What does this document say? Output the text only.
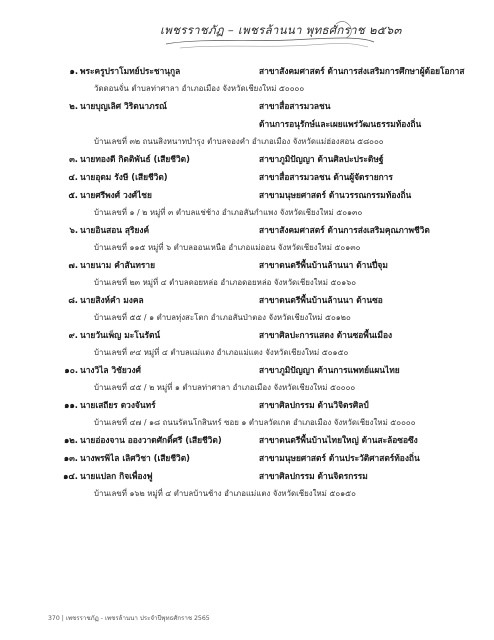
เพชรราชภัฏ – เพชรล้านนา พุทธศักราช ๒๕๖๓
๑. พระครูปราโมทย์ประชานุกูล	สาขาสังคมศาสตร์ ด้านการส่งเสริมการศึกษาผู้ด้อยโอกาส
วัดดอนจั่น ตำบลท่าศาลา อำเภอเมือง จังหวัดเชียงใหม่ ๕๐๐๐๐
๒. นายบุญเลิศ วิริตนาภรณ์	สาขาสื่อสารมวลชน
ด้านการอนุรักษ์และเผยแพร่วัฒนธรรมท้องถิ่น
บ้านเลขที่ ๓๒ ถนนสิงหนาทบำรุง ตำบลจองคำ อำเภอเมือง จังหวัดแม่ฮ่องสอน ๕๘๐๐๐
๓. นายทองดี กิตติพันธ์ (เสียชีวิต)	สาขาภูมิปัญญา ด้านศิลปะประดิษฐ์
๔. นายอุดม รังษี (เสียชีวิต)	สาขาสื่อสารมวลชน ด้านผู้จัดรายการ
๕. นายศรีพงศ์ วงศ์ไชย	สาขามนุษยศาสตร์ ด้านวรรณกรรมท้องถิ่น
บ้านเลขที่ ๑ / ๒ หมู่ที่ ๓ ตำบลแช่ช้าง อำเภอสันกำแพง จังหวัดเชียงใหม่ ๕๐๑๓๐
๖. นายอินสอน สุริยงค์	สาขาสังคมศาสตร์ ด้านการส่งเสริมคุณภาพชีวิต
บ้านเลขที่ ๑๑๕ หมู่ที่ ๖ ตำบลออนเหนือ อำเภอแม่ออน จังหวัดเชียงใหม่ ๕๐๑๓๐
๗. นายนาม คำสันทราย	สาขาดนตรีพื้นบ้านล้านนา ด้านปี่จุม
บ้านเลขที่ ๒๓ หมู่ที่ ๔ ตำบลดอยหล่อ อำเภอดอยหล่อ จังหวัดเชียงใหม่ ๕๐๑๖๐
๘. นายสิงห์คำ มงคล	สาขาดนตรีพื้นบ้านล้านนา ด้านซอ
บ้านเลขที่ ๕๕ / ๑ ตำบลทุ่งสะโตก อำเภอสันป่าตอง จังหวัดเชียงใหม่ ๕๐๑๒๐
๙. นายวันเพ็ญ มะโนรัตน์	สาขาศิลปะการแสดง ด้านซอพื้นเมือง
บ้านเลขที่ ๙๔ หมู่ที่ ๔ ตำบลแม่แตง อำเภอแม่แตง จังหวัดเชียงใหม่ ๕๐๑๕๐
๑๐. นางวิไล วิชัยวงศ์	สาขาภูมิปัญญา ด้านการแพทย์แผนไทย
บ้านเลขที่ ๔๕ / ๒ หมู่ที่ ๑ ตำบลท่าศาลา อำเภอเมือง จังหวัดเชียงใหม่ ๕๐๐๐๐
๑๑. นายเสถียร ดวงจันทร์	สาขาศิลปกรรม ด้านวิจิตรศิลป์
บ้านเลขที่ ๔๗ / ๑๘ ถนนรัตนโกสินทร์ ซอย ๑ ตำบลวัดเกต อำเภอเมือง จังหวัดเชียงใหม่ ๕๐๐๐๐
๑๒. นายอ่องจาน อองวาดศักดิ์ศรี (เสียชีวิต)	สาขาดนตรีพื้นบ้านไทยใหญ่ ด้านสะล้อซอซึง
๑๓. นางพรพิไล เลิศวิชา (เสียชีวิต)	สาขามนุษยศาสตร์ ด้านประวัติศาสตร์ท้องถิ่น
๑๔. นายแปลก กิจเพื่องฟู	สาขาศิลปกรรม ด้านจิตรกรรม
บ้านเลขที่ ๑๖๒ หมู่ที่ ๔ ตำบลบ้านช้าง อำเภอแม่แตง จังหวัดเชียงใหม่ ๕๐๑๕๐
370 | เพชรราชภัฏ - เพชรล้านนา ประจำปีพุทธศักราช 2565
